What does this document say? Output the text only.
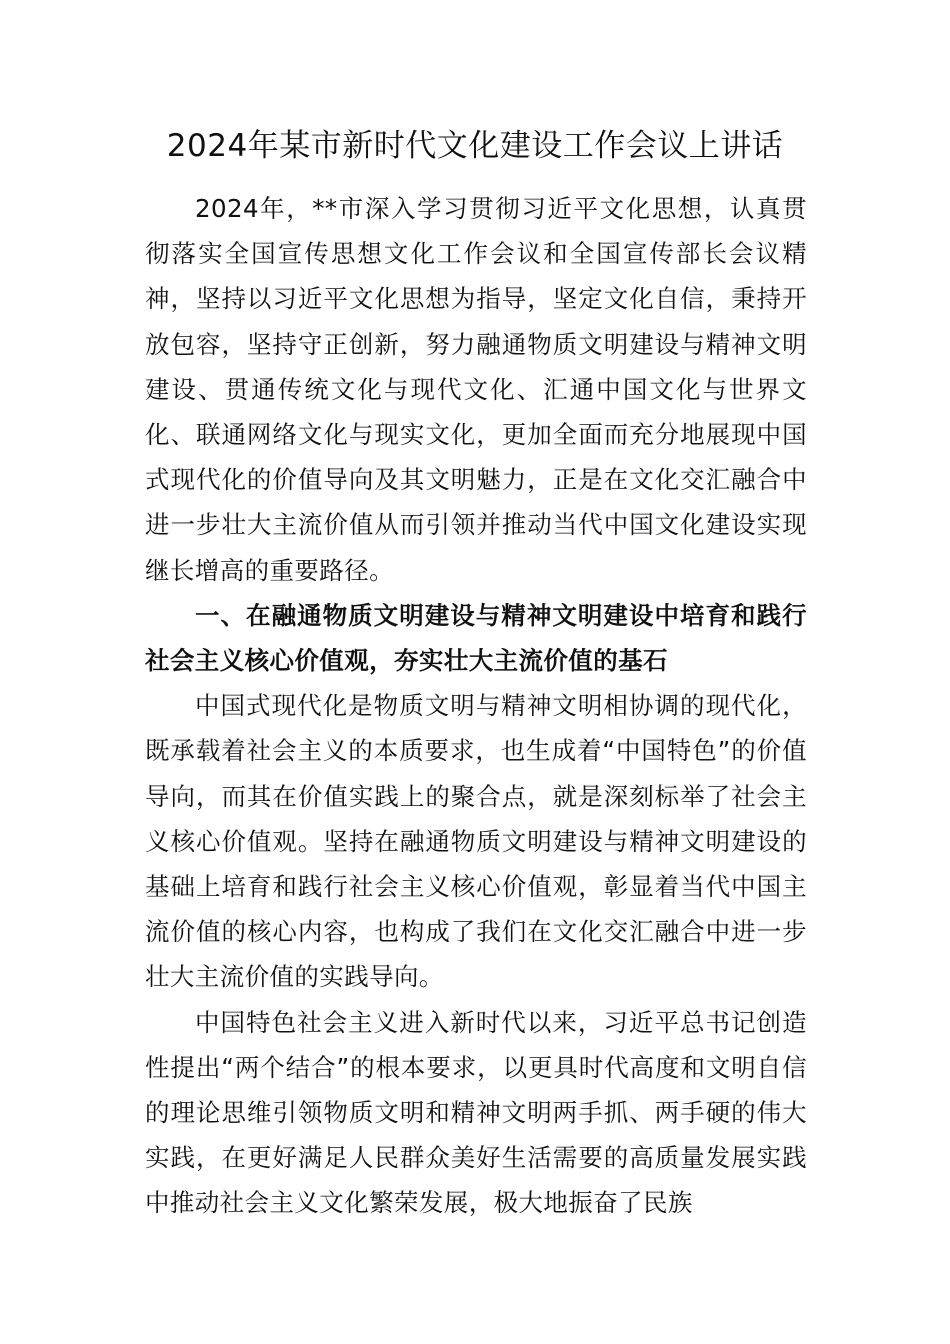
2024年某市新时代文化建设工作会议上讲话

2024年，**市深入学习贯彻习近平文化思想，认真贯彻落实全国宣传思想文化工作会议和全国宣传部长会议精神，坚持以习近平文化思想为指导，坚定文化自信，秉持开放包容，坚持守正创新，努力融通物质文明建设与精神文明建设、贯通传统文化与现代文化、汇通中国文化与世界文化、联通网络文化与现实文化，更加全面而充分地展现中国式现代化的价值导向及其文明魅力，正是在文化交汇融合中进一步壮大主流价值从而引领并推动当代中国文化建设实现继长增高的重要路径。

一、在融通物质文明建设与精神文明建设中培育和践行社会主义核心价值观，夯实壮大主流价值的基石

中国式现代化是物质文明与精神文明相协调的现代化，既承载着社会主义的本质要求，也生成着“中国特色”的价值导向，而其在价值实践上的聚合点，就是深刻标举了社会主义核心价值观。坚持在融通物质文明建设与精神文明建设的基础上培育和践行社会主义核心价值观，彰显着当代中国主流价值的核心内容，也构成了我们在文化交汇融合中进一步壮大主流价值的实践导向。

中国特色社会主义进入新时代以来，习近平总书记创造性提出“两个结合”的根本要求，以更具时代高度和文明自信的理论思维引领物质文明和精神文明两手抓、两手硬的伟大实践，在更好满足人民群众美好生活需要的高质量发展实践中推动社会主义文化繁荣发展，极大地振奋了民族
